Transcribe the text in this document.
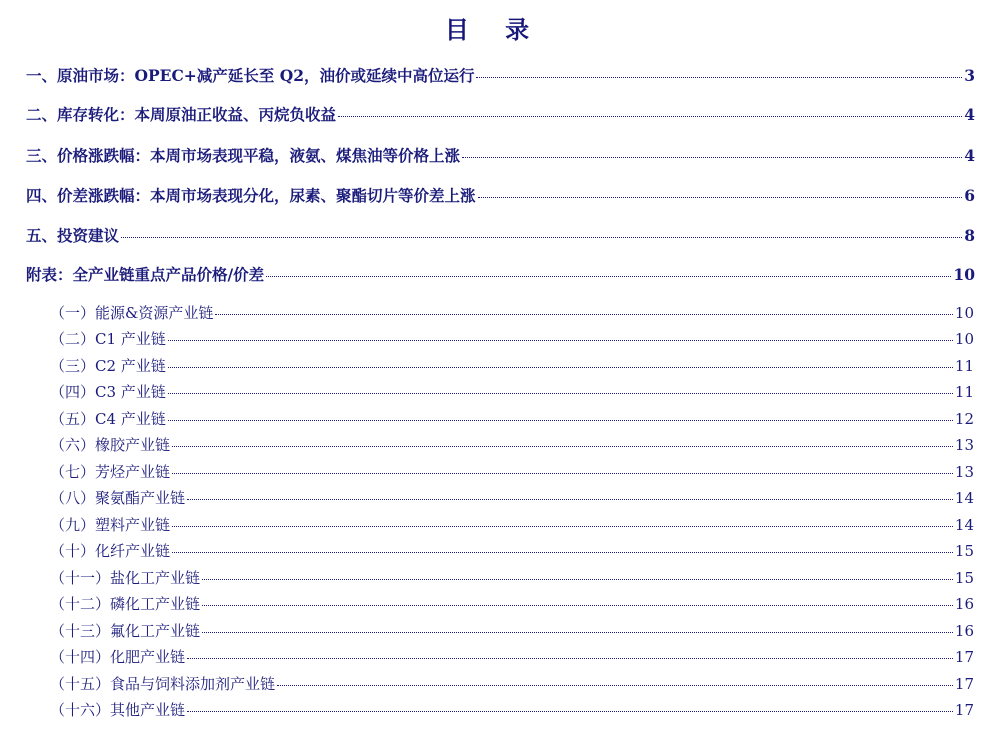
目 录
一、原油市场：OPEC+减产延长至 Q2，油价或延续中高位运行	3
二、库存转化：本周原油正收益、丙烷负收益	4
三、价格涨跌幅：本周市场表现平稳，液氨、煤焦油等价格上涨	4
四、价差涨跌幅：本周市场表现分化，尿素、聚酯切片等价差上涨	6
五、投资建议	8
附表：全产业链重点产品价格/价差	10
（一）能源&资源产业链	10
（二）C1 产业链	10
（三）C2 产业链	11
（四）C3 产业链	11
（五）C4 产业链	12
（六）橡胶产业链	13
（七）芳烃产业链	13
（八）聚氨酯产业链	14
（九）塑料产业链	14
（十）化纤产业链	15
（十一）盐化工产业链	15
（十二）磷化工产业链	16
（十三）氟化工产业链	16
（十四）化肥产业链	17
（十五）食品与饲料添加剂产业链	17
（十六）其他产业链	17
